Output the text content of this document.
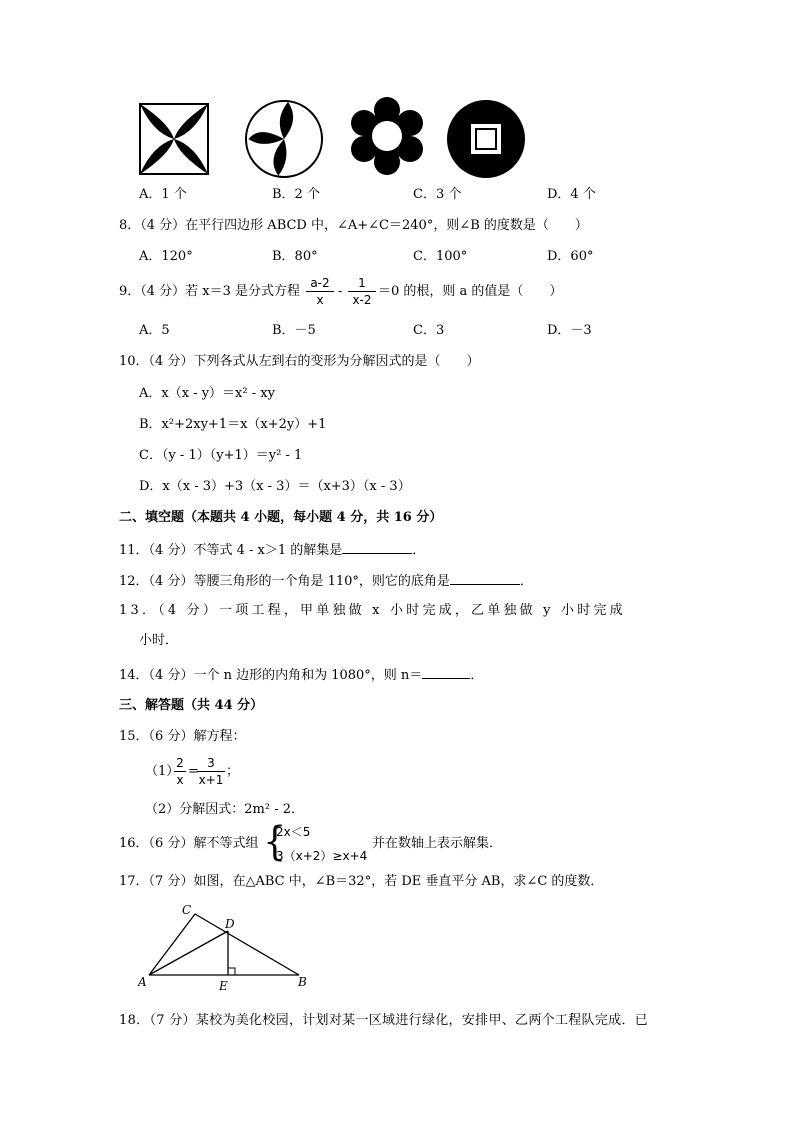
A．1 个	B．2 个	C．3 个	D．4 个
8．（4 分）在平行四边形 ABCD 中，∠A+∠C＝240°，则∠B 的度数是（　　）
A．120°	B．80°	C．100°	D．60°
9．（4 分）若 x＝3 是分式方程
a-2
x
-
1
x-2
＝0 的根，则 a 的值是（　　）
A．5	B．－5	C．3	D．－3
10．（4 分）下列各式从左到右的变形为分解因式的是（　　）
A．x（x - y）＝x² - xy
B．x²+2xy+1＝x（x+2y）+1
C．（y - 1）（y+1）＝y² - 1
D．x（x - 3）+3（x - 3）＝（x+3）（x - 3）
二、填空题（本题共 4 小题，每小题 4 分，共 16 分）
11．（4 分）不等式 4 - x＞1 的解集是	．
12．（4 分）等腰三角形的一个角是 110°，则它的底角是	．
13．（4 分）一项工程，甲单独做 x 小时完成，乙单独做 y 小时完成
小时．
14．（4 分）一个 n 边形的内角和为 1080°，则 n＝	．
三、解答题（共 44 分）
15．（6 分）解方程：
（1）
2
x
=
3
x+1
；
（2）分解因式：2m² - 2．
16．（6 分）解不等式组 {
2x＜5
3（x+2）≥x+4
并在数轴上表示解集．
17．（7 分）如图，在△ABC 中，∠B＝32°，若 DE 垂直平分 AB，求∠C 的度数．
C
D
A	E	B
18．（7 分）某校为美化校园，计划对某一区域进行绿化，安排甲、乙两个工程队完成．已
